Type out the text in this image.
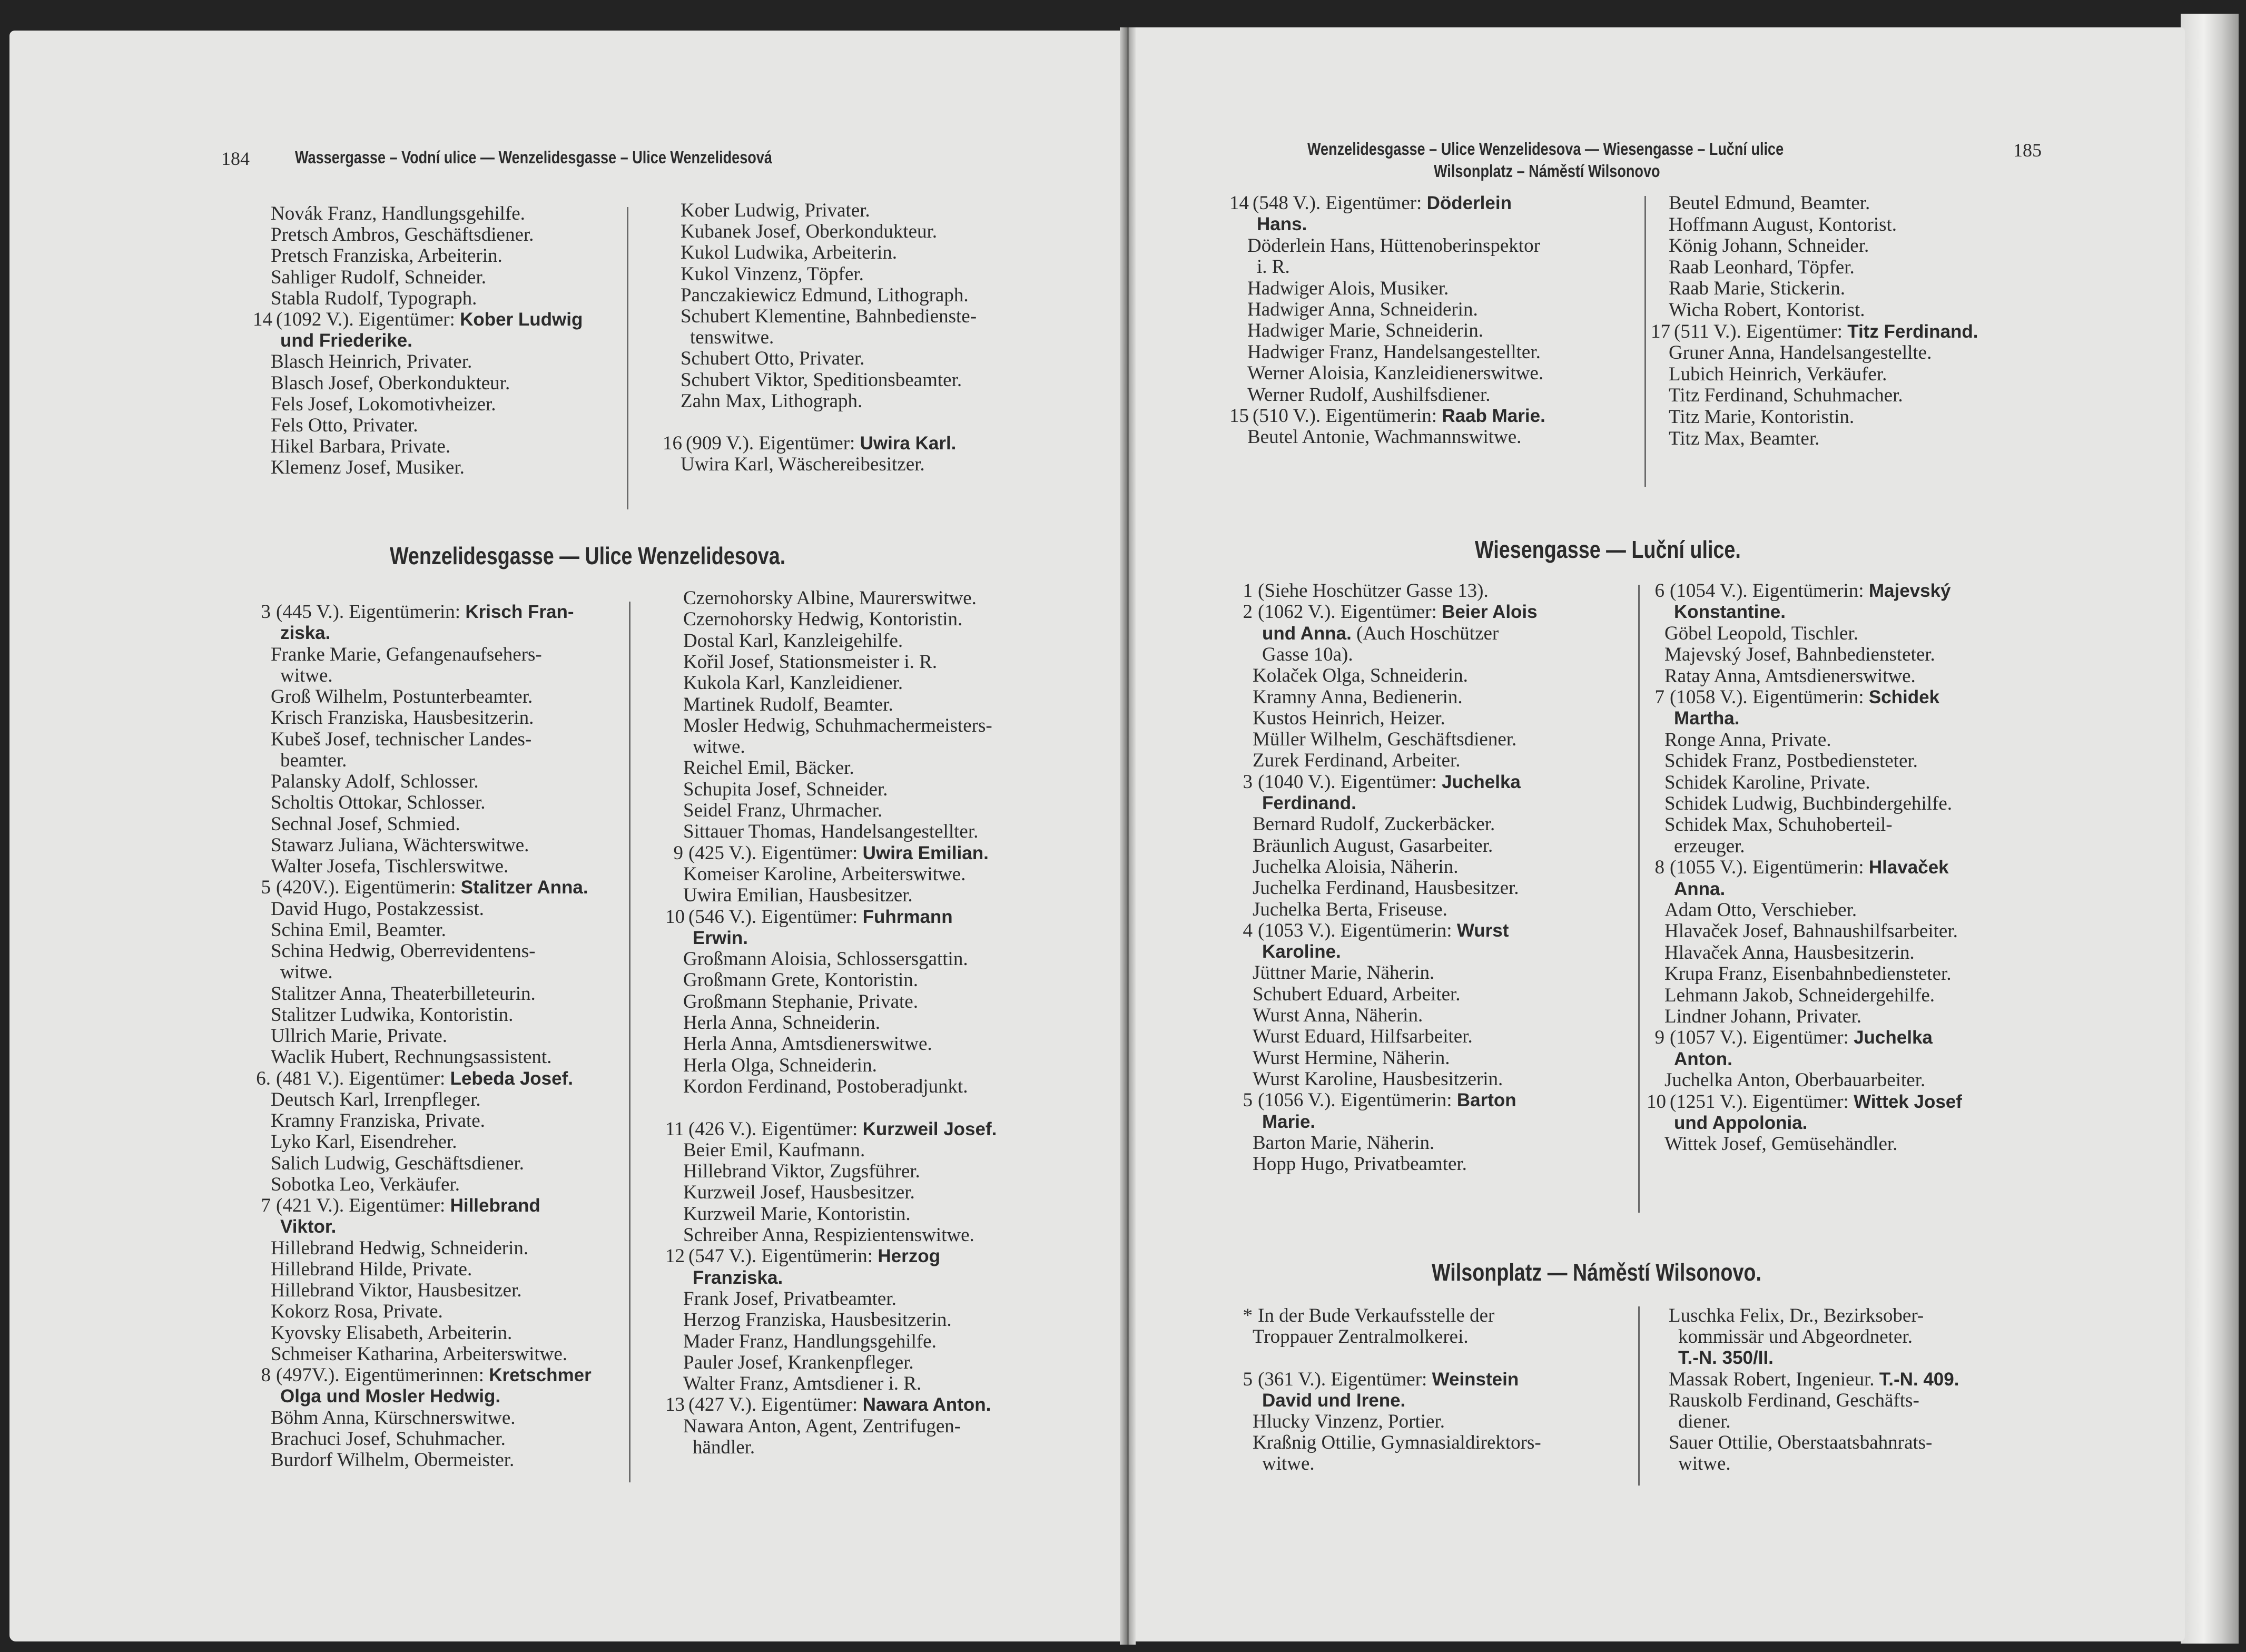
184	Wassergasse – Vodní ulice — Wenzelidesgasse – Ulice Wenzelidesová
Novák Franz, Handlungsgehilfe.
Pretsch Ambros, Geschäftsdiener.
Pretsch Franziska, Arbeiterin.
Sahliger Rudolf, Schneider.
Stabla Rudolf, Typograph.
14 (1092 V.). Eigentümer: Kober Ludwig
und Friederike.
Blasch Heinrich, Privater.
Blasch Josef, Oberkondukteur.
Fels Josef, Lokomotivheizer.
Fels Otto, Privater.
Hikel Barbara, Private.
Klemenz Josef, Musiker.
Kober Ludwig, Privater.
Kubanek Josef, Oberkondukteur.
Kukol Ludwika, Arbeiterin.
Kukol Vinzenz, Töpfer.
Panczakiewicz Edmund, Lithograph.
Schubert Klementine, Bahnbedienste-
tenswitwe.
Schubert Otto, Privater.
Schubert Viktor, Speditionsbeamter.
Zahn Max, Lithograph.
16 (909 V.). Eigentümer: Uwira Karl.
Uwira Karl, Wäschereibesitzer.
Wenzelidesgasse — Ulice Wenzelidesova.
3 (445 V.). Eigentümerin: Krisch Fran-
ziska.
Franke Marie, Gefangenaufsehers-
witwe.
Groß Wilhelm, Postunterbeamter.
Krisch Franziska, Hausbesitzerin.
Kubeš Josef, technischer Landes-
beamter.
Palansky Adolf, Schlosser.
Scholtis Ottokar, Schlosser.
Sechnal Josef, Schmied.
Stawarz Juliana, Wächterswitwe.
Walter Josefa, Tischlerswitwe.
5 (420V.). Eigentümerin: Stalitzer Anna.
David Hugo, Postakzessist.
Schina Emil, Beamter.
Schina Hedwig, Oberrevidentens-
witwe.
Stalitzer Anna, Theaterbilleteurin.
Stalitzer Ludwika, Kontoristin.
Ullrich Marie, Private.
Waclik Hubert, Rechnungsassistent.
6. (481 V.). Eigentümer: Lebeda Josef.
Deutsch Karl, Irrenpfleger.
Kramny Franziska, Private.
Lyko Karl, Eisendreher.
Salich Ludwig, Geschäftsdiener.
Sobotka Leo, Verkäufer.
7 (421 V.). Eigentümer: Hillebrand
Viktor.
Hillebrand Hedwig, Schneiderin.
Hillebrand Hilde, Private.
Hillebrand Viktor, Hausbesitzer.
Kokorz Rosa, Private.
Kyovsky Elisabeth, Arbeiterin.
Schmeiser Katharina, Arbeiterswitwe.
8 (497V.). Eigentümerinnen: Kretschmer
Olga und Mosler Hedwig.
Böhm Anna, Kürschnerswitwe.
Brachuci Josef, Schuhmacher.
Burdorf Wilhelm, Obermeister.
Czernohorsky Albine, Maurerswitwe.
Czernohorsky Hedwig, Kontoristin.
Dostal Karl, Kanzleigehilfe.
Kořil Josef, Stationsmeister i. R.
Kukola Karl, Kanzleidiener.
Martinek Rudolf, Beamter.
Mosler Hedwig, Schuhmachermeisters-
witwe.
Reichel Emil, Bäcker.
Schupita Josef, Schneider.
Seidel Franz, Uhrmacher.
Sittauer Thomas, Handelsangestellter.
9 (425 V.). Eigentümer: Uwira Emilian.
Komeiser Karoline, Arbeiterswitwe.
Uwira Emilian, Hausbesitzer.
10 (546 V.). Eigentümer: Fuhrmann
Erwin.
Großmann Aloisia, Schlossersgattin.
Großmann Grete, Kontoristin.
Großmann Stephanie, Private.
Herla Anna, Schneiderin.
Herla Anna, Amtsdienerswitwe.
Herla Olga, Schneiderin.
Kordon Ferdinand, Postoberadjunkt.
11 (426 V.). Eigentümer: Kurzweil Josef.
Beier Emil, Kaufmann.
Hillebrand Viktor, Zugsführer.
Kurzweil Josef, Hausbesitzer.
Kurzweil Marie, Kontoristin.
Schreiber Anna, Respizientenswitwe.
12 (547 V.). Eigentümerin: Herzog
Franziska.
Frank Josef, Privatbeamter.
Herzog Franziska, Hausbesitzerin.
Mader Franz, Handlungsgehilfe.
Pauler Josef, Krankenpfleger.
Walter Franz, Amtsdiener i. R.
13 (427 V.). Eigentümer: Nawara Anton.
Nawara Anton, Agent, Zentrifugen-
händler.
Wenzelidesgasse – Ulice Wenzelidesova — Wiesengasse – Luční ulice
Wilsonplatz – Náměstí Wilsonovo
185
14 (548 V.). Eigentümer: Döderlein
Hans.
Döderlein Hans, Hüttenoberinspektor
i. R.
Hadwiger Alois, Musiker.
Hadwiger Anna, Schneiderin.
Hadwiger Marie, Schneiderin.
Hadwiger Franz, Handelsangestellter.
Werner Aloisia, Kanzleidienerswitwe.
Werner Rudolf, Aushilfsdiener.
15 (510 V.). Eigentümerin: Raab Marie.
Beutel Antonie, Wachmannswitwe.
Beutel Edmund, Beamter.
Hoffmann August, Kontorist.
König Johann, Schneider.
Raab Leonhard, Töpfer.
Raab Marie, Stickerin.
Wicha Robert, Kontorist.
17 (511 V.). Eigentümer: Titz Ferdinand.
Gruner Anna, Handelsangestellte.
Lubich Heinrich, Verkäufer.
Titz Ferdinand, Schuhmacher.
Titz Marie, Kontoristin.
Titz Max, Beamter.
Wiesengasse — Luční ulice.
1 (Siehe Hoschützer Gasse 13).
2 (1062 V.). Eigentümer: Beier Alois
und Anna. (Auch Hoschützer
Gasse 10a).
Kolaček Olga, Schneiderin.
Kramny Anna, Bedienerin.
Kustos Heinrich, Heizer.
Müller Wilhelm, Geschäftsdiener.
Zurek Ferdinand, Arbeiter.
3 (1040 V.). Eigentümer: Juchelka
Ferdinand.
Bernard Rudolf, Zuckerbäcker.
Bräunlich August, Gasarbeiter.
Juchelka Aloisia, Näherin.
Juchelka Ferdinand, Hausbesitzer.
Juchelka Berta, Friseuse.
4 (1053 V.). Eigentümerin: Wurst
Karoline.
Jüttner Marie, Näherin.
Schubert Eduard, Arbeiter.
Wurst Anna, Näherin.
Wurst Eduard, Hilfsarbeiter.
Wurst Hermine, Näherin.
Wurst Karoline, Hausbesitzerin.
5 (1056 V.). Eigentümerin: Barton
Marie.
Barton Marie, Näherin.
Hopp Hugo, Privatbeamter.
6 (1054 V.). Eigentümerin: Majevský
Konstantine.
Göbel Leopold, Tischler.
Majevský Josef, Bahnbediensteter.
Ratay Anna, Amtsdienerswitwe.
7 (1058 V.). Eigentümerin: Schidek
Martha.
Ronge Anna, Private.
Schidek Franz, Postbediensteter.
Schidek Karoline, Private.
Schidek Ludwig, Buchbindergehilfe.
Schidek Max, Schuhoberteil-
erzeuger.
8 (1055 V.). Eigentümerin: Hlavaček
Anna.
Adam Otto, Verschieber.
Hlavaček Josef, Bahnaushilfsarbeiter.
Hlavaček Anna, Hausbesitzerin.
Krupa Franz, Eisenbahnbediensteter.
Lehmann Jakob, Schneidergehilfe.
Lindner Johann, Privater.
9 (1057 V.). Eigentümer: Juchelka
Anton.
Juchelka Anton, Oberbauarbeiter.
10 (1251 V.). Eigentümer: Wittek Josef
und Appolonia.
Wittek Josef, Gemüsehändler.
Wilsonplatz — Náměstí Wilsonovo.
* In der Bude Verkaufsstelle der
Troppauer Zentralmolkerei.
5 (361 V.). Eigentümer: Weinstein
David und Irene.
Hlucky Vinzenz, Portier.
Kraßnig Ottilie, Gymnasialdirektors-
witwe.
Luschka Felix, Dr., Bezirksober-
kommissär und Abgeordneter.
T.-N. 350/II.
Massak Robert, Ingenieur. T.-N. 409.
Rauskolb Ferdinand, Geschäfts-
diener.
Sauer Ottilie, Oberstaatsbahnrats-
witwe.
